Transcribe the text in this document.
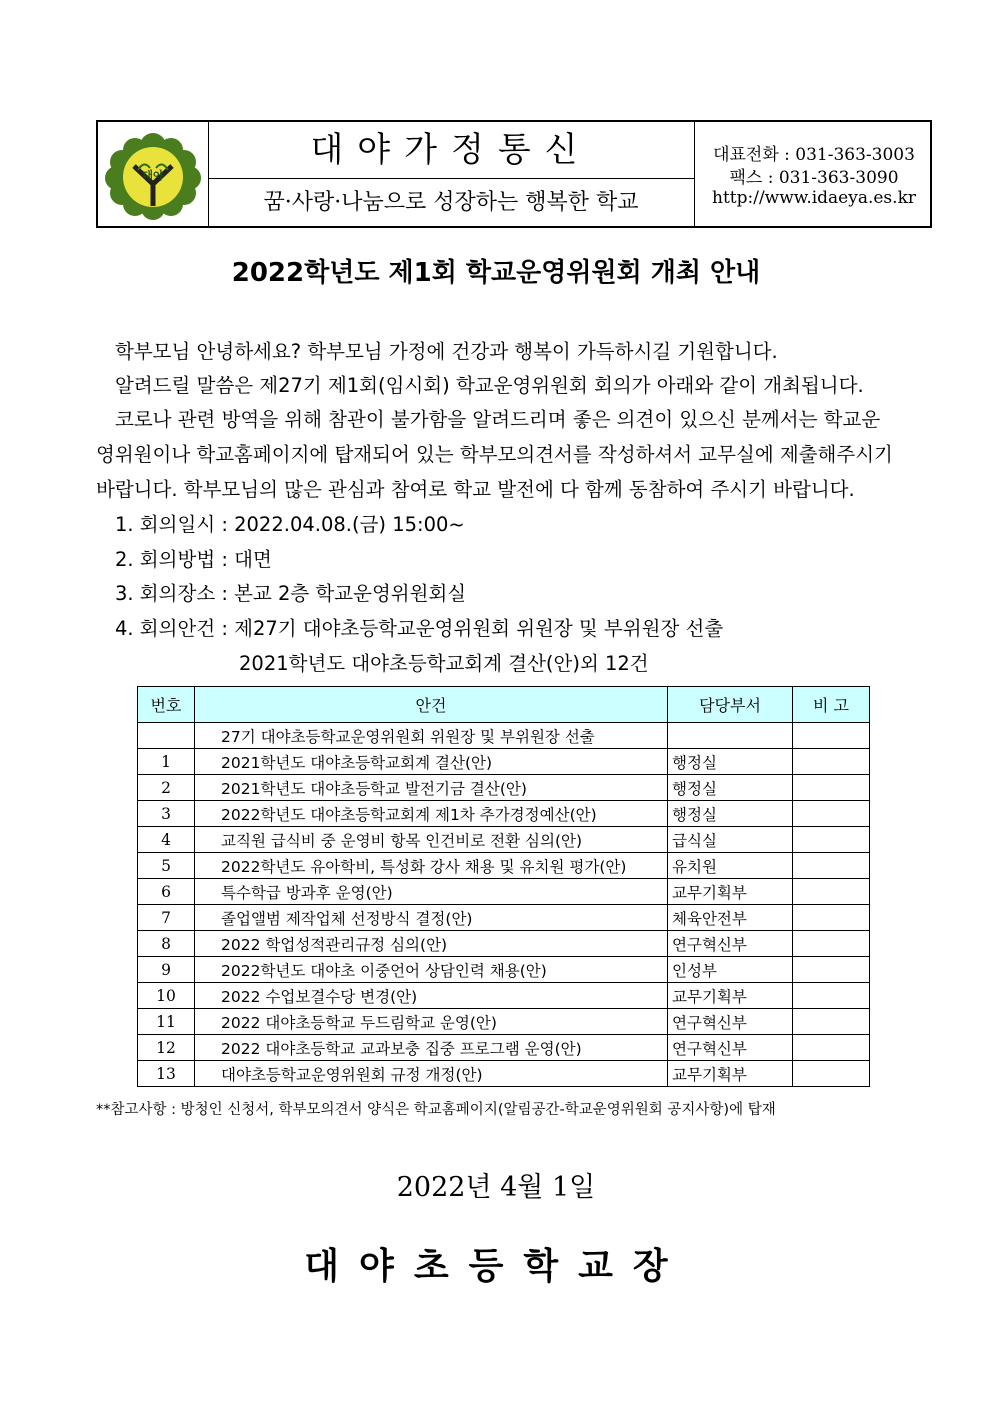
대야
대야가정통신
꿈·사랑·나눔으로 성장하는 행복한 학교
대표전화 : 031-363-3003
팩스 : 031-363-3090
http://www.idaeya.es.kr
2022학년도 제1회 학교운영위원회 개최 안내
학부모님 안녕하세요? 학부모님 가정에 건강과 행복이 가득하시길 기원합니다.
알려드릴 말씀은 제27기 제1회(임시회) 학교운영위원회 회의가 아래와 같이 개최됩니다.
코로나 관련 방역을 위해 참관이 불가함을 알려드리며 좋은 의견이 있으신 분께서는 학교운
영위원이나 학교홈페이지에 탑재되어 있는 학부모의견서를 작성하셔서 교무실에 제출해주시기
바랍니다. 학부모님의 많은 관심과 참여로 학교 발전에 다 함께 동참하여 주시기 바랍니다.
1. 회의일시 : 2022.04.08.(금) 15:00~
2. 회의방법 : 대면
3. 회의장소 : 본교 2층 학교운영위원회실
4. 회의안건 : 제27기 대야초등학교운영위원회 위원장 및 부위원장 선출
2021학년도 대야초등학교회계 결산(안)외 12건
번호	안건	담당부서	비 고
	27기 대야초등학교운영위원회 위원장 및 부위원장 선출		
1	2021학년도 대야초등학교회계 결산(안)	행정실	
2	2021학년도 대야초등학교 발전기금 결산(안)	행정실	
3	2022학년도 대야초등학교회계 제1차 추가경정예산(안)	행정실	
4	교직원 급식비 중 운영비 항목 인건비로 전환 심의(안)	급식실	
5	2022학년도 유아학비, 특성화 강사 채용 및 유치원 평가(안)	유치원	
6	특수학급 방과후 운영(안)	교무기획부	
7	졸업앨범 제작업체 선정방식 결정(안)	체육안전부	
8	2022 학업성적관리규정 심의(안)	연구혁신부	
9	2022학년도 대야초 이중언어 상담인력 채용(안)	인성부	
10	2022 수업보결수당 변경(안)	교무기획부	
11	2022 대야초등학교 두드림학교 운영(안)	연구혁신부	
12	2022 대야초등학교 교과보충 집중 프로그램 운영(안)	연구혁신부	
13	대야초등학교운영위원회 규정 개정(안)	교무기획부	
**참고사항 : 방청인 신청서, 학부모의견서 양식은 학교홈페이지(알림공간-학교운영위원회 공지사항)에 탑재
2022년 4월 1일
대야초등학교장
